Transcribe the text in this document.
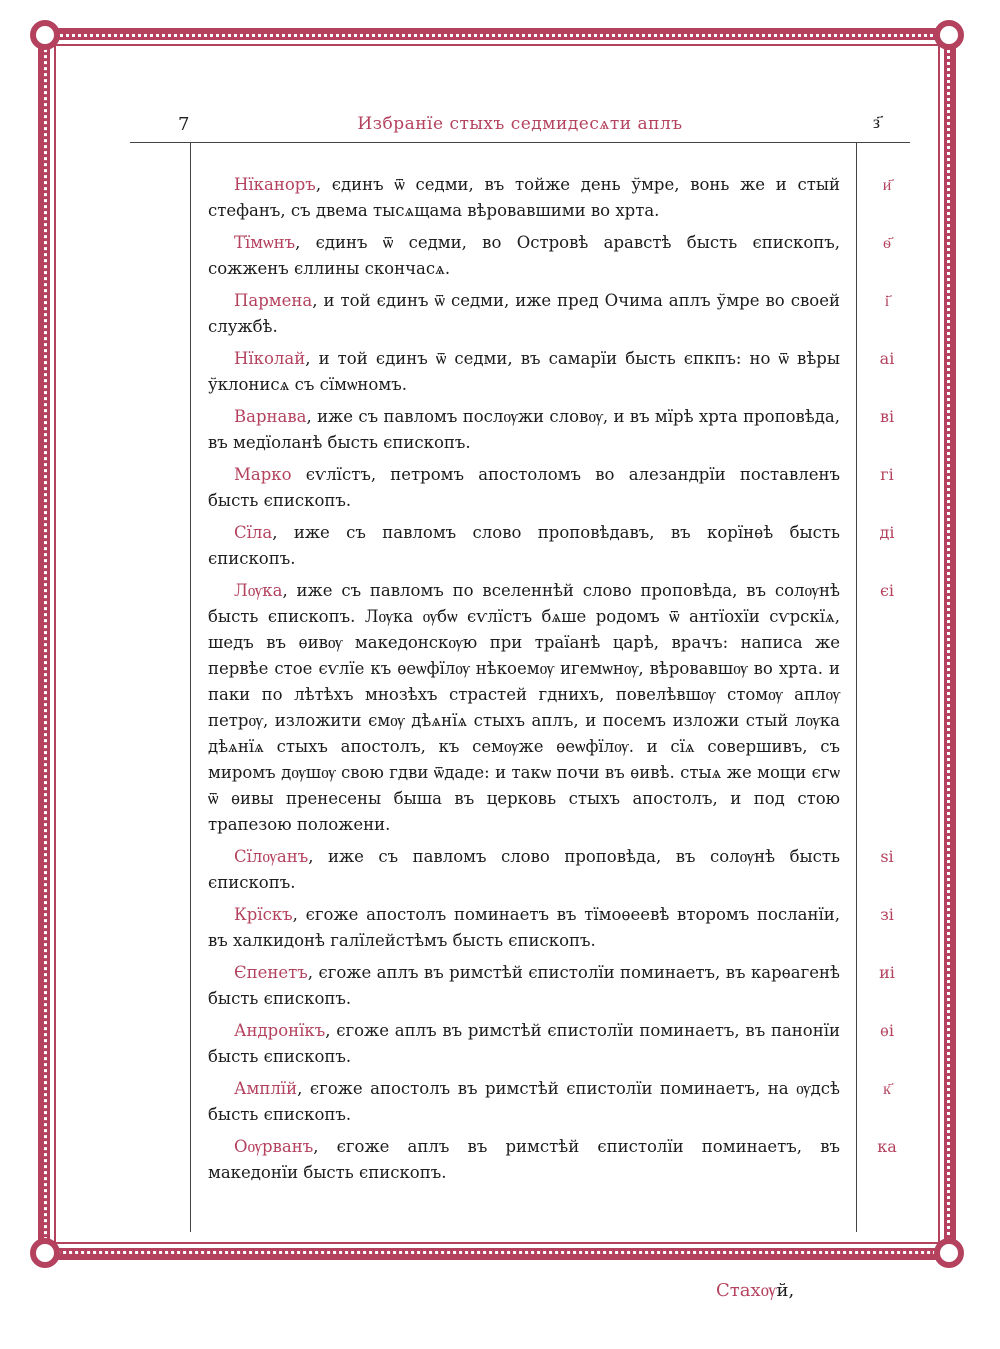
7	Избранїе стыхъ седмидесѧти аплъ	з҃

Нїканоръ, єдинъ ѿ седми, въ тойже день ўмре, вонь же и стый стефанъ, съ двема тысѧщама вѣровавшими во хрта.
и҃

Тїмѡнъ, єдинъ ѿ седми, во Островѣ аравстѣ бысть єпископъ, сожженъ єллины скончасѧ.
ѳ҃

Пармена, и той єдинъ ѿ седми, иже пред Очима аплъ ўмре во своей службѣ.
і҃

Нїколай, и той єдинъ ѿ седми, въ самарїи бысть єпкпъ: но ѿ вѣры ўклонисѧ съ сїмѡномъ.
аі

Варнава, иже съ павломъ послѹжи словѹ, и въ мїрѣ хрта проповѣда, въ медїоланѣ бысть єпископъ.
ві

Марко єѵлїстъ, петромъ апостоломъ во алезандрїи поставленъ бысть єпископъ.
гі

Сїла, иже съ павломъ слово проповѣдавъ, въ корїнѳѣ бысть єпископъ.
ді

Лѹка, иже съ павломъ по вселеннѣй слово проповѣда, въ солѹнѣ бысть єпископъ. Лѹка ѹбѡ єѵлїстъ бѧше родомъ ѿ антїохїи сѵрскїѧ, шедъ въ ѳивѹ македонскѹю при траїанѣ царѣ, врачъ: написа же первѣе стое єѵлїе къ ѳеѡфїлѹ нѣкоемѹ игемѡнѹ, вѣровавшѹ во хрта. и паки по лѣтѣхъ мнозѣхъ страстей гднихъ, повелѣвшѹ стомѹ аплѹ петрѹ, изложити ємѹ дѣѧнїѧ стыхъ аплъ, и посемъ изложи стый лѹка дѣѧнїѧ стыхъ апостолъ, къ семѹже ѳеѡфїлѹ. и сїѧ совершивъ, съ миромъ дѹшѹ свою гдви ѿдаде: и такѡ почи въ ѳивѣ. стыѧ же мощи єгѡ ѿ ѳивы пренесены быша въ церковь стыхъ апостолъ, и под стою трапезою положени.
єі

Сїлѹанъ, иже съ павломъ слово проповѣда, въ солѹнѣ бысть єпископъ.
ѕі

Крїскъ, єгоже апостолъ поминаетъ въ тїмоѳеевѣ второмъ посланїи, въ халкидонѣ галїлейстѣмъ бысть єпископъ.
зі

Єпенетъ, єгоже аплъ въ римстѣй єпистолїи поминаетъ, въ карѳагенѣ бысть єпископъ.
иі

Андронїкъ, єгоже аплъ въ римстѣй єпистолїи поминаетъ, въ панонїи бысть єпископъ.
ѳі

Амплїй, єгоже апостолъ въ римстѣй єпистолїи поминаетъ, на ѹдсѣ бысть єпископъ.
к҃

Оѹрванъ, єгоже аплъ въ римстѣй єпистолїи поминаетъ, въ македонїи бысть єпископъ.
ка

Стахѹй,
